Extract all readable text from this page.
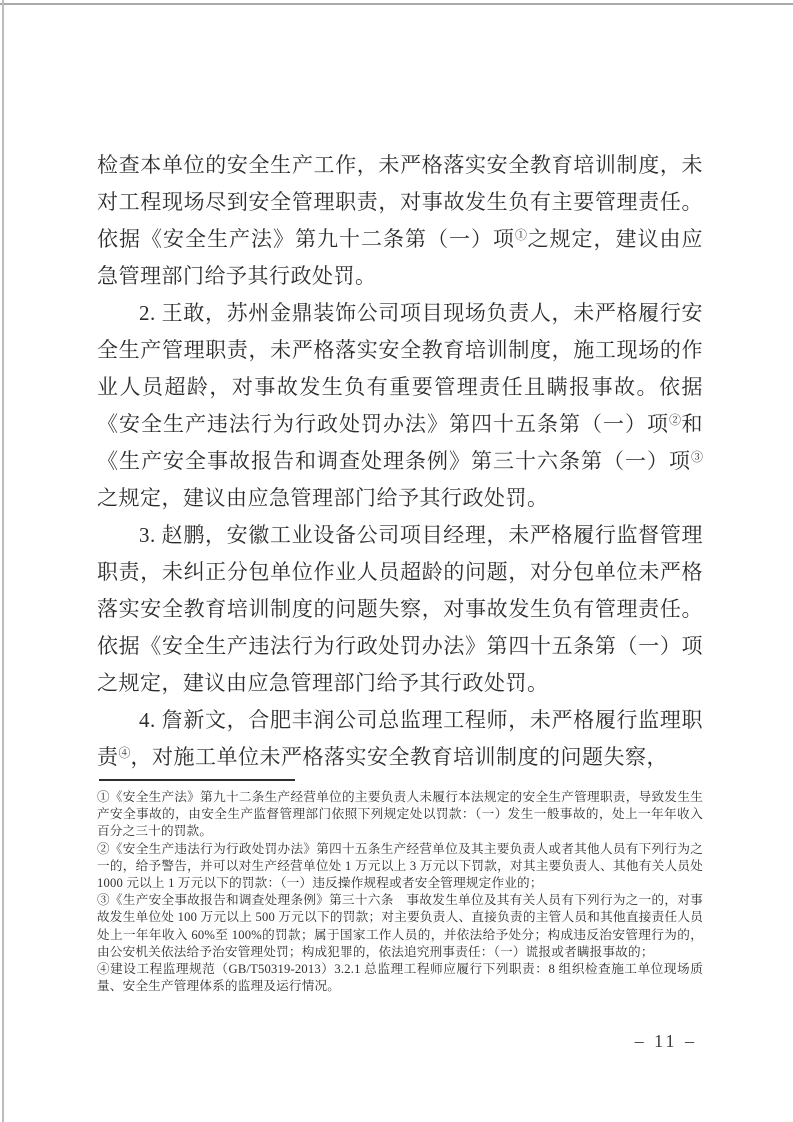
检查本单位的安全生产工作，未严格落实安全教育培训制度，未对工程现场尽到安全管理职责，对事故发生负有主要管理责任。依据《安全生产法》第九十二条第（一）项①之规定，建议由应急管理部门给予其行政处罚。

2. 王敢，苏州金鼎装饰公司项目现场负责人，未严格履行安全生产管理职责，未严格落实安全教育培训制度，施工现场的作业人员超龄，对事故发生负有重要管理责任且瞒报事故。依据《安全生产违法行为行政处罚办法》第四十五条第（一）项②和《生产安全事故报告和调查处理条例》第三十六条第（一）项③之规定，建议由应急管理部门给予其行政处罚。

3. 赵鹏，安徽工业设备公司项目经理，未严格履行监督管理职责，未纠正分包单位作业人员超龄的问题，对分包单位未严格落实安全教育培训制度的问题失察，对事故发生负有管理责任。依据《安全生产违法行为行政处罚办法》第四十五条第（一）项之规定，建议由应急管理部门给予其行政处罚。

4. 詹新文，合肥丰润公司总监理工程师，未严格履行监理职责④，对施工单位未严格落实安全教育培训制度的问题失察，

①《安全生产法》第九十二条生产经营单位的主要负责人未履行本法规定的安全生产管理职责，导致发生生产安全事故的，由安全生产监督管理部门依照下列规定处以罚款：（一）发生一般事故的，处上一年年收入百分之三十的罚款。

②《安全生产违法行为行政处罚办法》第四十五条生产经营单位及其主要负责人或者其他人员有下列行为之一的，给予警告，并可以对生产经营单位处 1 万元以上 3 万元以下罚款，对其主要负责人、其他有关人员处 1000 元以上 1 万元以下的罚款：（一）违反操作规程或者安全管理规定作业的；

③《生产安全事故报告和调查处理条例》第三十六条　事故发生单位及其有关人员有下列行为之一的，对事故发生单位处 100 万元以上 500 万元以下的罚款；对主要负责人、直接负责的主管人员和其他直接责任人员处上一年年收入 60%至 100%的罚款；属于国家工作人员的，并依法给予处分；构成违反治安管理行为的，由公安机关依法给予治安管理处罚；构成犯罪的，依法追究刑事责任：（一）谎报或者瞒报事故的；

④建设工程监理规范（GB/T50319-2013）3.2.1 总监理工程师应履行下列职责：8 组织检查施工单位现场质量、安全生产管理体系的监理及运行情况。

– 11 –
